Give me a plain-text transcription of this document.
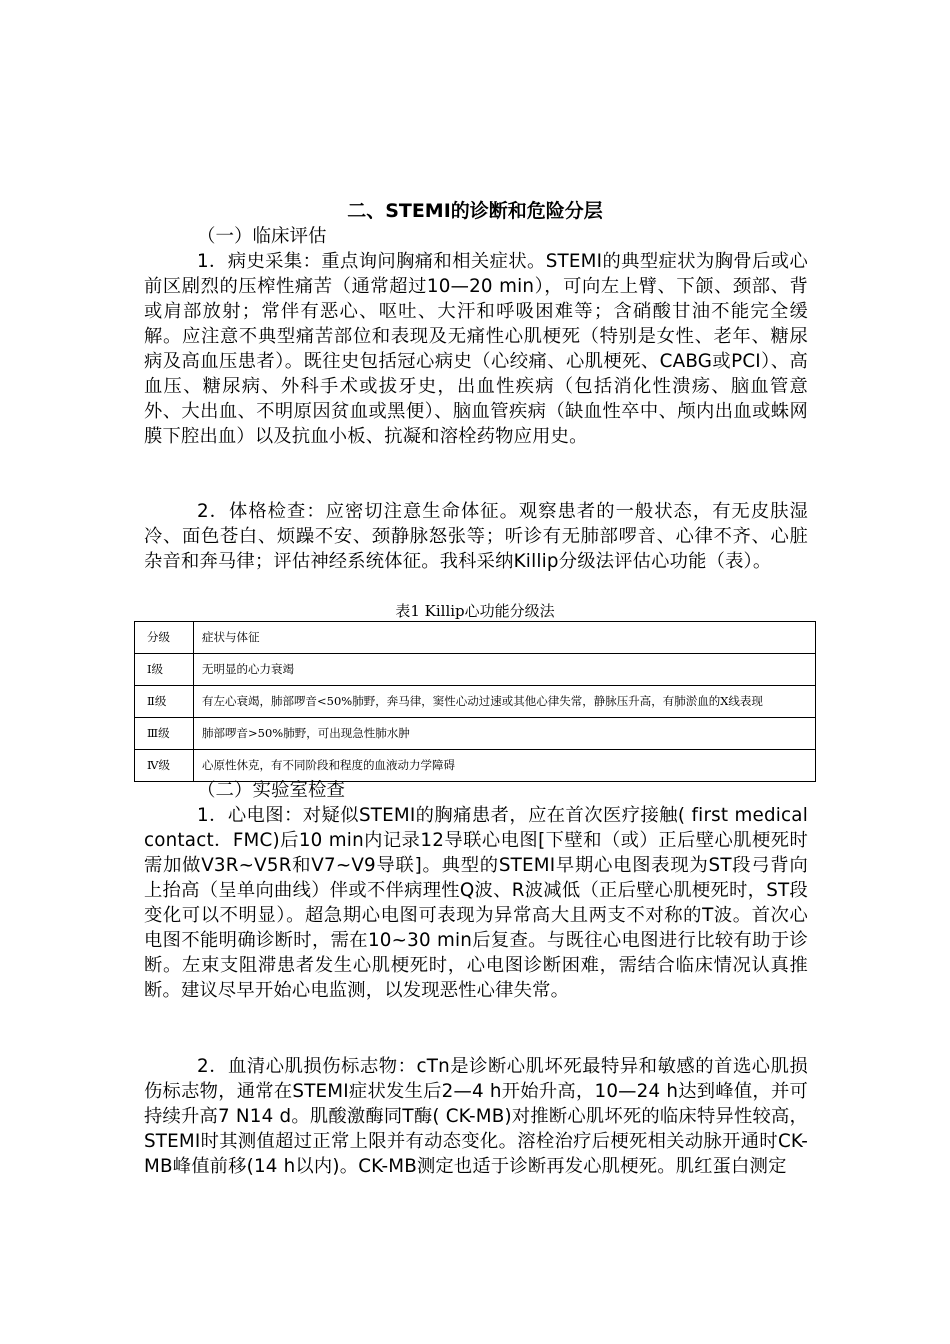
二、STEMI的诊断和危险分层
（一）临床评估
1．病史采集：重点询问胸痛和相关症状。STEMI的典型症状为胸骨后或心前区剧烈的压榨性痛苦（通常超过10—20 min），可向左上臂、下颌、颈部、背或肩部放射；常伴有恶心、呕吐、大汗和呼吸困难等；含硝酸甘油不能完全缓解。应注意不典型痛苦部位和表现及无痛性心肌梗死（特别是女性、老年、糖尿病及高血压患者）。既往史包括冠心病史（心绞痛、心肌梗死、CABG或PCI）、高血压、糖尿病、外科手术或拔牙史，出血性疾病（包括消化性溃疡、脑血管意外、大出血、不明原因贫血或黑便）、脑血管疾病（缺血性卒中、颅内出血或蛛网膜下腔出血）以及抗血小板、抗凝和溶栓药物应用史。
2．体格检查：应密切注意生命体征。观察患者的一般状态，有无皮肤湿冷、面色苍白、烦躁不安、颈静脉怒张等；听诊有无肺部啰音、心律不齐、心脏杂音和奔马律；评估神经系统体征。我科采纳Killip分级法评估心功能（表）。
表1 Killip心功能分级法
分级	症状与体征
Ⅰ级	无明显的心力衰竭
Ⅱ级	有左心衰竭，肺部啰音<50%肺野，奔马律，窦性心动过速或其他心律失常，静脉压升高，有肺淤血的X线表现
Ⅲ级	肺部啰音>50%肺野，可出现急性肺水肿
Ⅳ级	心原性休克，有不同阶段和程度的血液动力学障碍
（二）实验室检查
1．心电图：对疑似STEMI的胸痛患者，应在首次医疗接触( first medical contact．FMC)后10 min内记录12导联心电图[下壁和（或）正后壁心肌梗死时需加做V3R~V5R和V7~V9导联]。典型的STEMI早期心电图表现为ST段弓背向上抬高（呈单向曲线）伴或不伴病理性Q波、R波减低（正后壁心肌梗死时，ST段变化可以不明显）。超急期心电图可表现为异常高大且两支不对称的T波。首次心电图不能明确诊断时，需在10~30 min后复查。与既往心电图进行比较有助于诊断。左束支阻滞患者发生心肌梗死时，心电图诊断困难，需结合临床情况认真推断。建议尽早开始心电监测，以发现恶性心律失常。
2．血清心肌损伤标志物：cTn是诊断心肌坏死最特异和敏感的首选心肌损伤标志物，通常在STEMI症状发生后2—4 h开始升高，10—24 h达到峰值，并可持续升高7 N14 d。肌酸激酶同T酶( CK-MB)对推断心肌坏死的临床特异性较高，STEMI时其测值超过正常上限并有动态变化。溶栓治疗后梗死相关动脉开通时CK-MB峰值前移(14 h以内)。CK-MB测定也适于诊断再发心肌梗死。肌红蛋白测定
